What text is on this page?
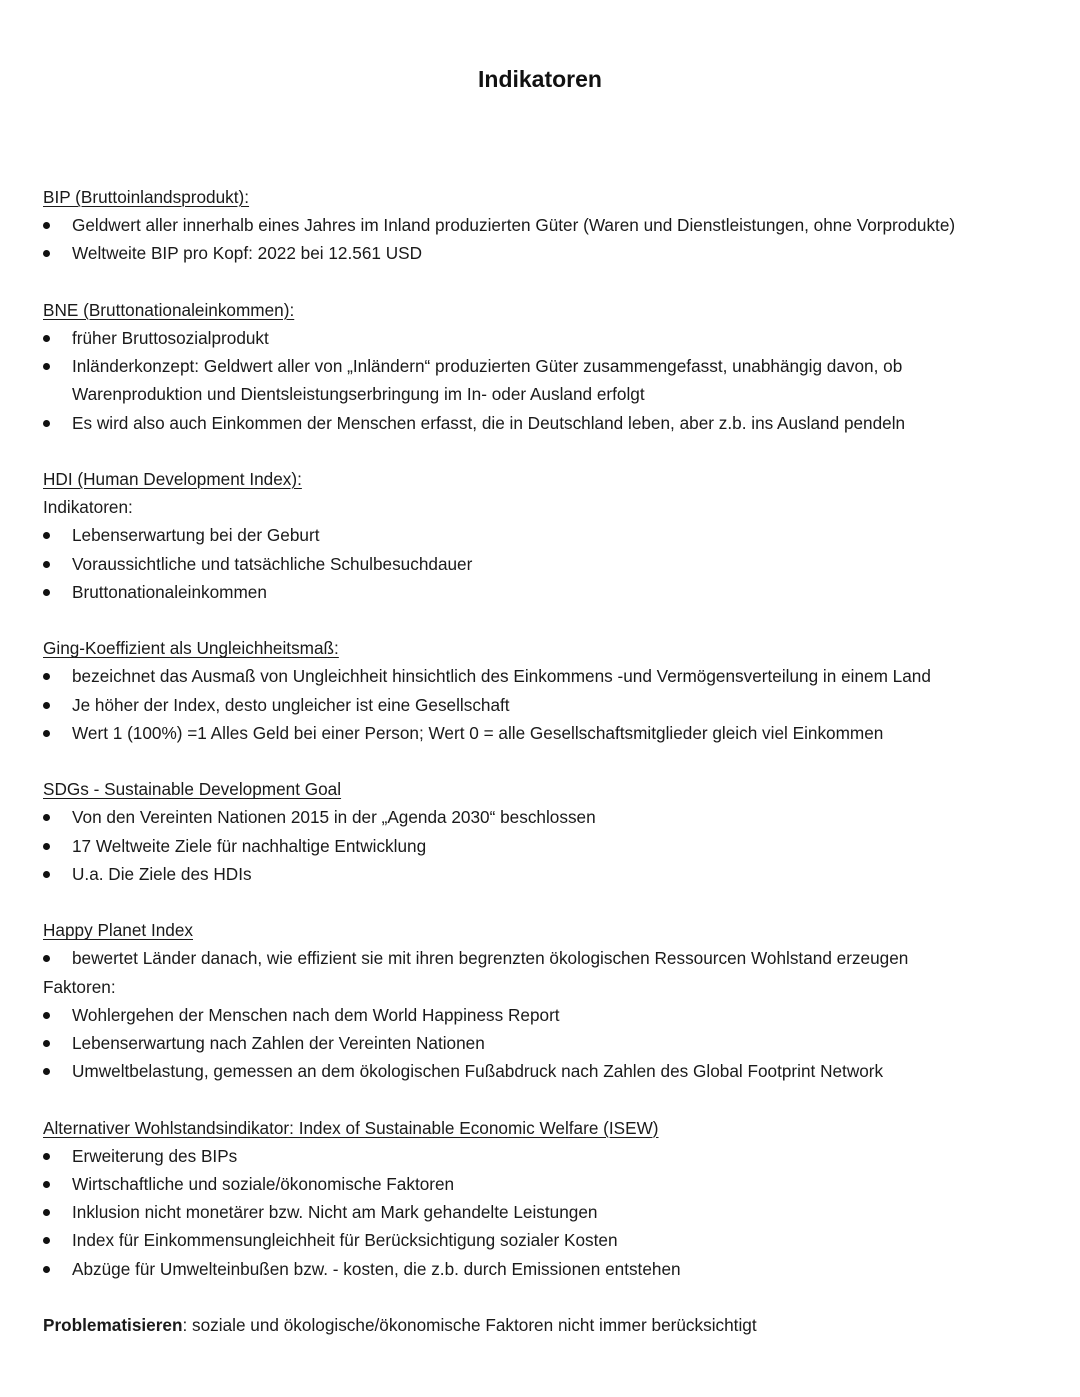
Indikatoren
BIP (Bruttoinlandsprodukt):
Geldwert aller innerhalb eines Jahres im Inland produzierten Güter (Waren und Dienstleistungen, ohne Vorprodukte)
Weltweite BIP pro Kopf: 2022 bei 12.561 USD
BNE (Bruttonationaleinkommen):
früher Bruttosozialprodukt
Inländerkonzept: Geldwert aller von „Inländern“ produzierten Güter zusammengefasst, unabhängig davon, ob Warenproduktion und Dientsleistungserbringung im In- oder Ausland erfolgt
Es wird also auch Einkommen der Menschen erfasst, die in Deutschland leben, aber z.b. ins Ausland pendeln
HDI (Human Development Index):
Indikatoren:
Lebenserwartung bei der Geburt
Voraussichtliche und tatsächliche Schulbesuchdauer
Bruttonationaleinkommen
Ging-Koeffizient als Ungleichheitsmaß:
bezeichnet das Ausmaß von Ungleichheit hinsichtlich des Einkommens -und Vermögensverteilung in einem Land
Je höher der Index, desto ungleicher ist eine Gesellschaft
Wert 1 (100%) =1 Alles Geld bei einer Person; Wert 0 = alle Gesellschaftsmitglieder gleich viel Einkommen
SDGs - Sustainable Development Goal
Von den Vereinten Nationen 2015 in der „Agenda 2030“ beschlossen
17 Weltweite Ziele für nachhaltige Entwicklung
U.a. Die Ziele des HDIs
Happy Planet Index
bewertet Länder danach, wie effizient sie mit ihren begrenzten ökologischen Ressourcen Wohlstand erzeugen
Faktoren:
Wohlergehen der Menschen nach dem World Happiness Report
Lebenserwartung nach Zahlen der Vereinten Nationen
Umweltbelastung, gemessen an dem ökologischen Fußabdruck nach Zahlen des Global Footprint Network
Alternativer Wohlstandsindikator: Index of Sustainable Economic Welfare (ISEW)
Erweiterung des BIPs
Wirtschaftliche und soziale/ökonomische Faktoren
Inklusion nicht monetärer bzw. Nicht am Mark gehandelte Leistungen
Index für Einkommensungleichheit für Berücksichtigung sozialer Kosten
Abzüge für Umwelteinbußen bzw. - kosten, die z.b. durch Emissionen entstehen
Problematisieren: soziale und ökologische/ökonomische Faktoren nicht immer berücksichtigt
